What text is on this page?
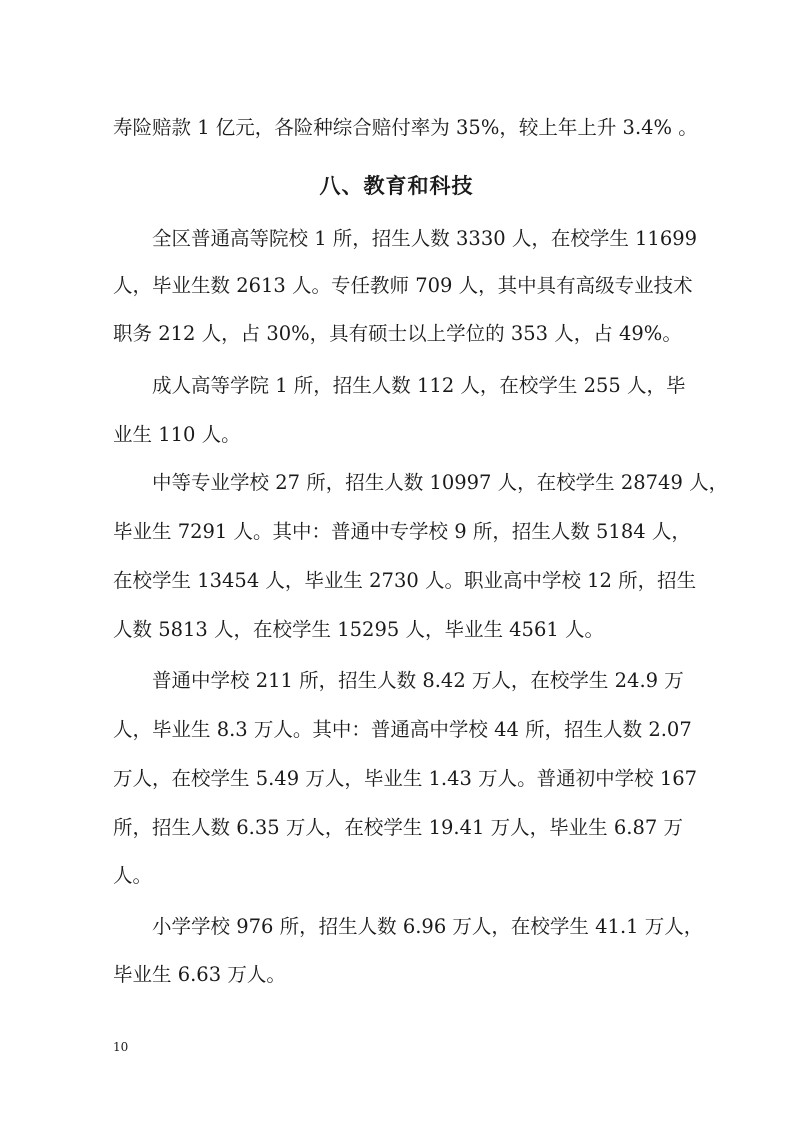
寿险赔款 1 亿元，各险种综合赔付率为 35%，较上年上升 3.4% 。
八、教育和科技
全区普通高等院校 1 所，招生人数 3330 人，在校学生 11699
人，毕业生数 2613 人。专任教师 709 人，其中具有高级专业技术
职务 212 人，占 30%，具有硕士以上学位的 353 人，占 49%。
成人高等学院 1 所，招生人数 112 人，在校学生 255 人，毕
业生 110 人。
中等专业学校 27 所，招生人数 10997 人，在校学生 28749 人，
毕业生 7291 人。其中：普通中专学校 9 所，招生人数 5184 人，
在校学生 13454 人，毕业生 2730 人。职业高中学校 12 所，招生
人数 5813 人，在校学生 15295 人，毕业生 4561 人。
普通中学校 211 所，招生人数 8.42 万人，在校学生 24.9 万
人，毕业生 8.3 万人。其中：普通高中学校 44 所，招生人数 2.07
万人，在校学生 5.49 万人，毕业生 1.43 万人。普通初中学校 167
所，招生人数 6.35 万人，在校学生 19.41 万人，毕业生 6.87 万
人。
小学学校 976 所，招生人数 6.96 万人，在校学生 41.1 万人，
毕业生 6.63 万人。
10
